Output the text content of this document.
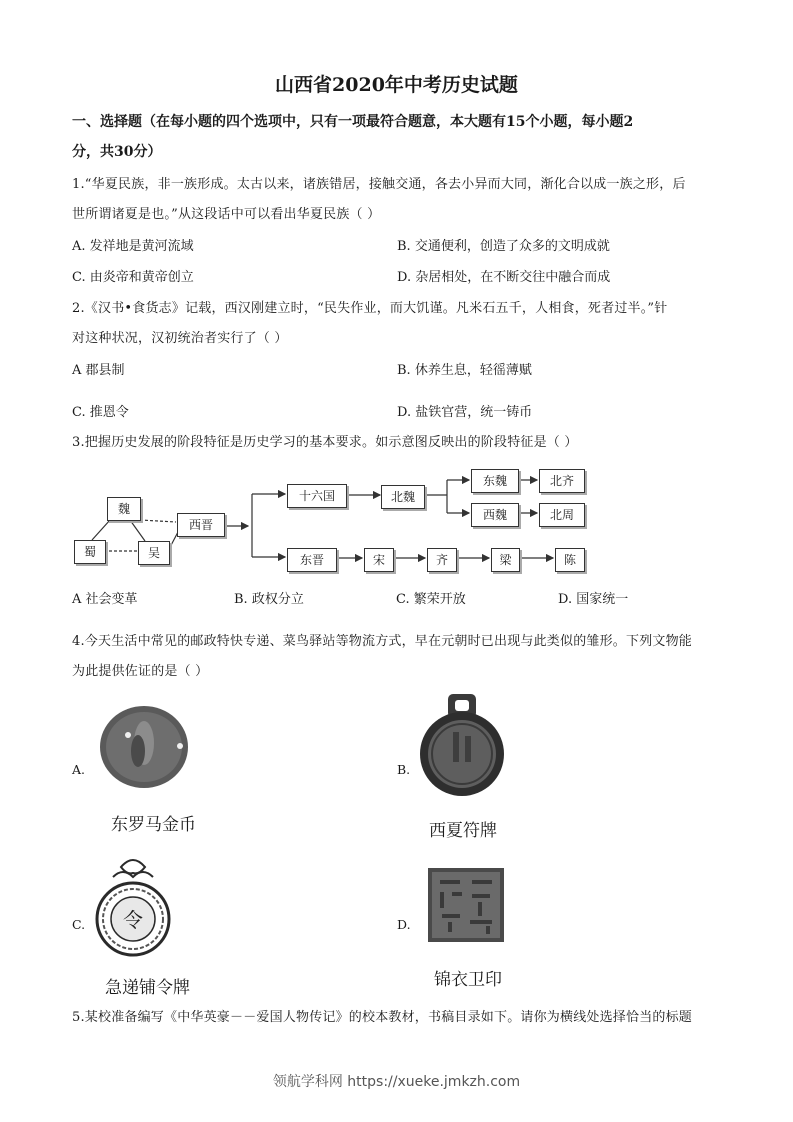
山西省2020年中考历史试题
一、选择题（在每小题的四个选项中，只有一项最符合题意，本大题有15个小题，每小题2
分，共30分）
1.“华夏民族，非一族形成。太古以来，诸族错居，接触交通，各去小异而大同，渐化合以成一族之形，后
世所谓诸夏是也。”从这段话中可以看出华夏民族（ ）
A. 发祥地是黄河流域	B. 交通便利，创造了众多的文明成就
C. 由炎帝和黄帝创立	D. 杂居相处，在不断交往中融合而成
2.《汉书•食货志》记载，西汉刚建立时，“民失作业，而大饥谨。凡米石五千，人相食，死者过半。”针
对这种状况，汉初统治者实行了（ ）
A 郡县制	B. 休养生息，轻徭薄赋
C. 推恩令	D. 盐铁官营，统一铸币
3.把握历史发展的阶段特征是历史学习的基本要求。如示意图反映出的阶段特征是（ ）
魏
蜀	吴
西晋
十六国	北魏
东魏
西魏
北齐
北周
东晋	宋	齐	梁	陈
A 社会变革	B. 政权分立	C. 繁荣开放	D. 国家统一
4.今天生活中常见的邮政特快专递、菜鸟驿站等物流方式，早在元朝时已出现与此类似的雏形。下列文物能
为此提供佐证的是（ ）
A.
东罗马金币
B.
西夏符牌
C. 令
急递铺令牌
D.
锦衣卫印
5.某校准备编写《中华英豪－－爱国人物传记》的校本教材，书稿目录如下。请你为横线处选择恰当的标题
领航学科网 https://xueke.jmkzh.com
